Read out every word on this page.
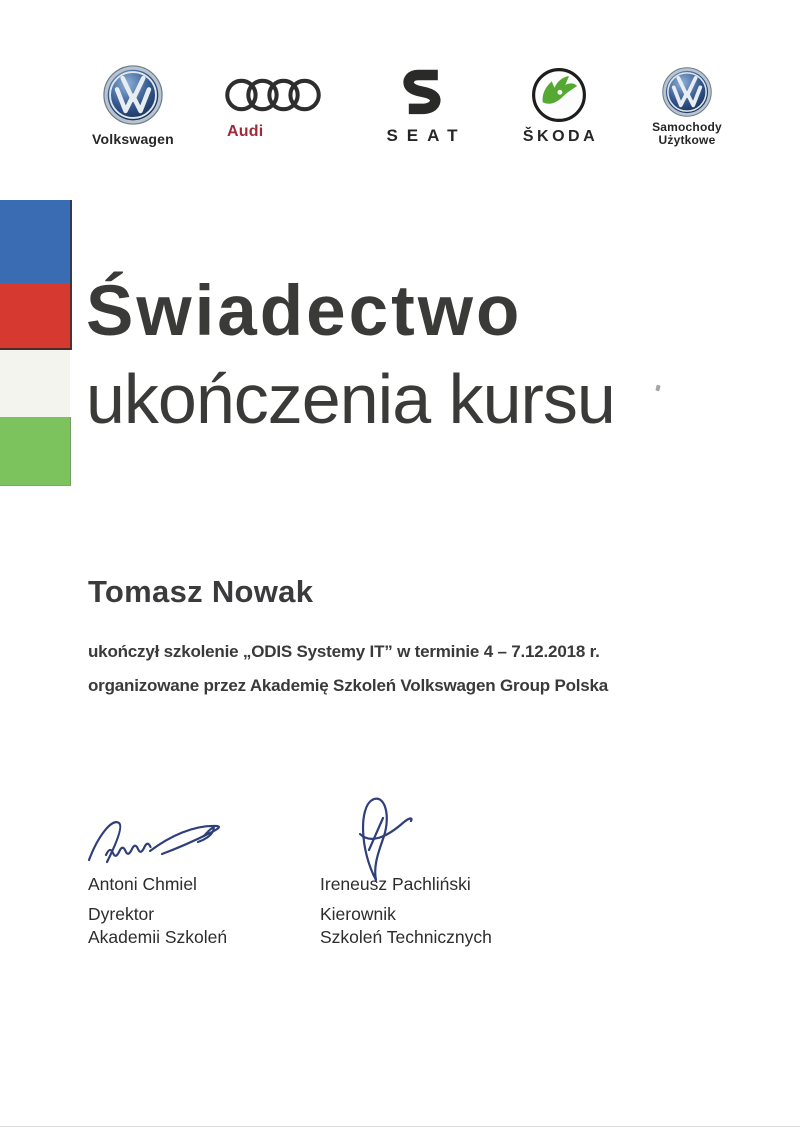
Volkswagen	Audi	SEAT	ŠKODA
Samochody
Użytkowe
Świadectwo
ukończenia kursu
Tomasz Nowak
ukończył szkolenie „ODIS Systemy IT” w terminie 4 – 7.12.2018 r.
organizowane przez Akademię Szkoleń Volkswagen Group Polska
Antoni Chmiel	Ireneusz Pachliński
Dyrektor
Akademii Szkoleń
Kierownik
Szkoleń Technicznych
